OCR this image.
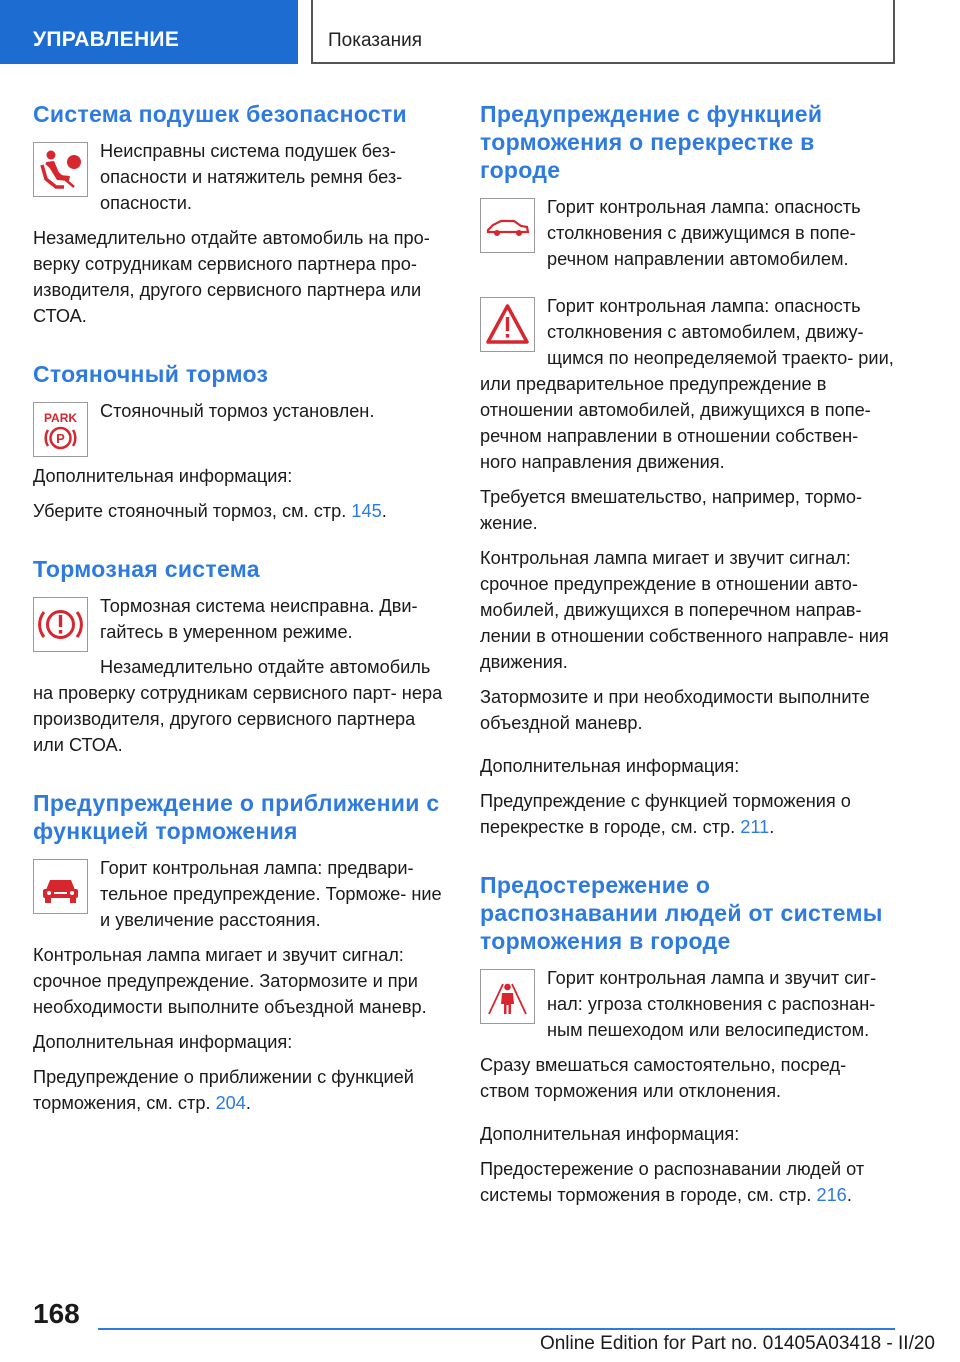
УПРАВЛЕНИЕ	Показания
Система подушек безопасности

Неисправны система подушек без- опасности и натяжитель ремня без- опасности.

Незамедлительно отдайте автомобиль на про- верку сотрудникам сервисного партнера про- изводителя, другого сервисного партнера или СТОА.

Стояночный тормоз
PARK
P

Стояночный тормоз установлен.

Дополнительная информация:

Уберите стояночный тормоз, см. стр. 145.

Тормозная система

Тормозная система неисправна. Дви- гайтесь в умеренном режиме.

Незамедлительно отдайте автомобиль на проверку сотрудникам сервисного парт- нера производителя, другого сервисного партнера или СТОА.

Предупреждение о приближении с функцией торможения

Горит контрольная лампа: предвари- тельное предупреждение. Торможе- ние и увеличение расстояния.

Контрольная лампа мигает и звучит сигнал: срочное предупреждение. Затормозите и при необходимости выполните объездной маневр.

Дополнительная информация:

Предупреждение о приближении с функцией торможения, см. стр. 204.

Предупреждение с функцией торможения о перекрестке в городе

Горит контрольная лампа: опасность столкновения с движущимся в попе- речном направлении автомобилем.

Горит контрольная лампа: опасность столкновения с автомобилем, движу- щимся по неопределяемой траекто- рии, или предварительное предупреждение в отношении автомобилей, движущихся в попе- речном направлении в отношении собствен- ного направления движения.

Требуется вмешательство, например, тормо- жение.

Контрольная лампа мигает и звучит сигнал: срочное предупреждение в отношении авто- мобилей, движущихся в поперечном направ- лении в отношении собственного направле- ния движения.

Затормозите и при необходимости выполните объездной маневр.

Дополнительная информация:

Предупреждение с функцией торможения о перекрестке в городе, см. стр. 211.

Предостережение о распознавании людей от системы торможения в городе

Горит контрольная лампа и звучит сиг- нал: угроза столкновения с распознан- ным пешеходом или велосипедистом.

Сразу вмешаться самостоятельно, посред- ством торможения или отклонения.

Дополнительная информация:

Предостережение о распознавании людей от системы торможения в городе, см. стр. 216.

168
Online Edition for Part no. 01405A03418 - II/20
